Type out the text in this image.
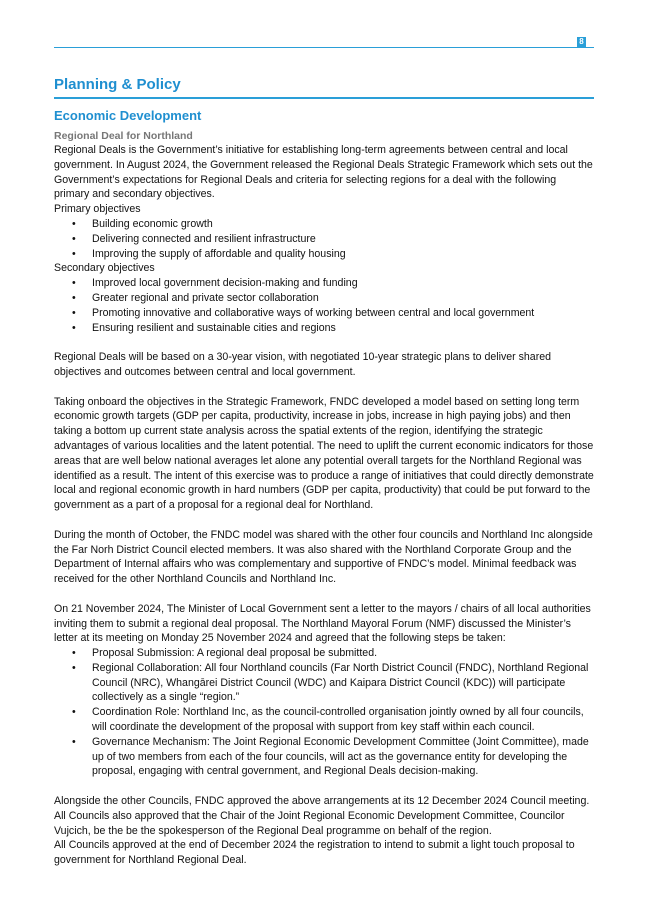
8
Planning & Policy
Economic Development
Regional Deal for Northland

Regional Deals is the Government’s initiative for establishing long-term agreements between central and local government. In August 2024, the Government released the Regional Deals Strategic Framework which sets out the Government’s expectations for Regional Deals and criteria for selecting regions for a deal with the following primary and secondary objectives.

Primary objectives

• Building economic growth
• Delivering connected and resilient infrastructure
• Improving the supply of affordable and quality housing

Secondary objectives

• Improved local government decision-making and funding
• Greater regional and private sector collaboration
• Promoting innovative and collaborative ways of working between central and local government
• Ensuring resilient and sustainable cities and regions

Regional Deals will be based on a 30-year vision, with negotiated 10-year strategic plans to deliver shared objectives and outcomes between central and local government.

Taking onboard the objectives in the Strategic Framework, FNDC developed a model based on setting long term economic growth targets (GDP per capita, productivity, increase in jobs, increase in high paying jobs) and then taking a bottom up current state analysis across the spatial extents of the region, identifying the strategic advantages of various localities and the latent potential. The need to uplift the current economic indicators for those areas that are well below national averages let alone any potential overall targets for the Northland Regional was identified as a result. The intent of this exercise was to produce a range of initiatives that could directly demonstrate local and regional economic growth in hard numbers (GDP per capita, productivity) that could be put forward to the government as a part of a proposal for a regional deal for Northland.

During the month of October, the FNDC model was shared with the other four councils and Northland Inc alongside the Far Norh District Council elected members. It was also shared with the Northland Corporate Group and the Department of Internal affairs who was complementary and supportive of FNDC’s model. Minimal feedback was received for the other Northland Councils and Northland Inc.

On 21 November 2024, The Minister of Local Government sent a letter to the mayors / chairs of all local authorities inviting them to submit a regional deal proposal. The Northland Mayoral Forum (NMF) discussed the Minister’s letter at its meeting on Monday 25 November 2024 and agreed that the following steps be taken:

• Proposal Submission: A regional deal proposal be submitted.
• Regional Collaboration: All four Northland councils (Far North District Council (FNDC), Northland Regional Council (NRC), Whangārei District Council (WDC) and Kaipara District Council (KDC)) will participate collectively as a single “region.”
• Coordination Role: Northland Inc, as the council-controlled organisation jointly owned by all four councils, will coordinate the development of the proposal with support from key staff within each council.
• Governance Mechanism: The Joint Regional Economic Development Committee (Joint Committee), made up of two members from each of the four councils, will act as the governance entity for developing the proposal, engaging with central government, and Regional Deals decision-making.

Alongside the other Councils, FNDC approved the above arrangements at its 12 December 2024 Council meeting. All Councils also approved that the Chair of the Joint Regional Economic Development Committee, Councilor Vujcich, be the be the spokesperson of the Regional Deal programme on behalf of the region.

All Councils approved at the end of December 2024 the registration to intend to submit a light touch proposal to government for Northland Regional Deal.
